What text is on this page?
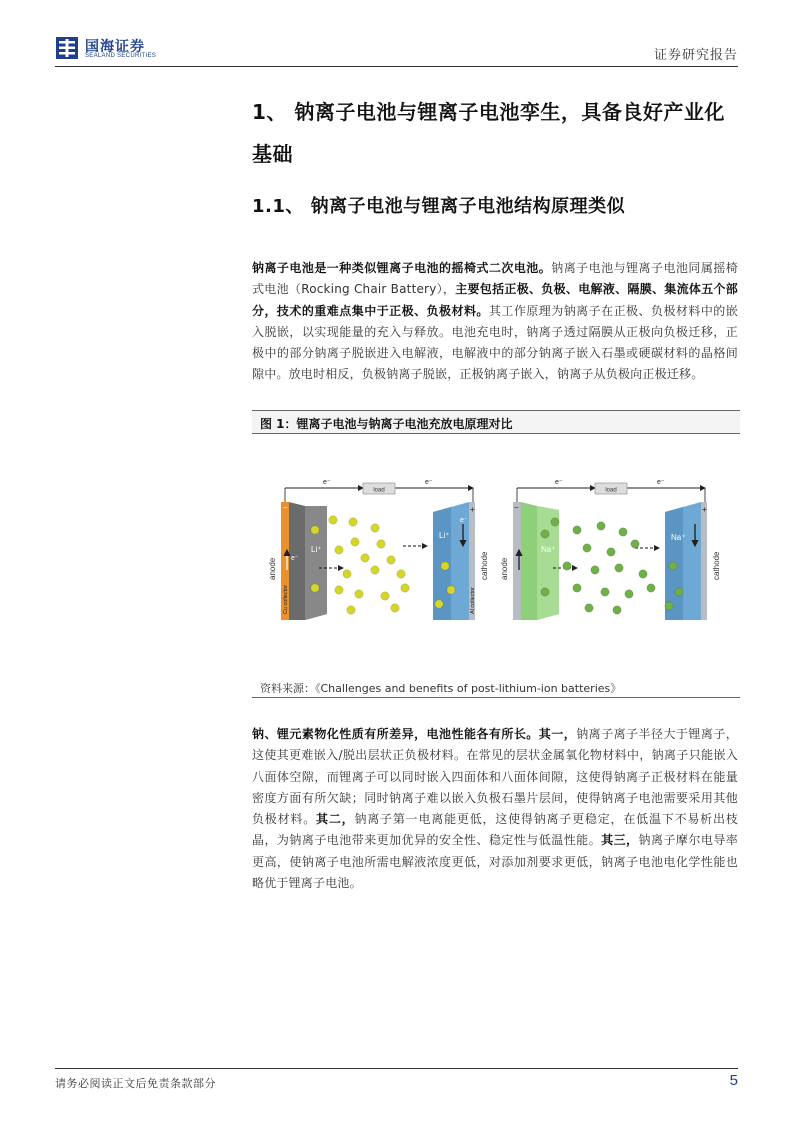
国海证券
SEALAND SECURITIES	证券研究报告
1、 钠离子电池与锂离子电池孪生，具备良好产业化
基础
1.1、 钠离子电池与锂离子电池结构原理类似
钠离子电池是一种类似锂离子电池的摇椅式二次电池。钠离子电池与锂离子电池同属摇椅式电池（Rocking Chair Battery），主要包括正极、负极、电解液、隔膜、集流体五个部分，技术的重难点集中于正极、负极材料。其工作原理为钠离子在正极、负极材料中的嵌入脱嵌，以实现能量的充入与释放。电池充电时，钠离子透过隔膜从正极向负极迁移，正极中的部分钠离子脱嵌进入电解液，电解液中的部分钠离子嵌入石墨或硬碳材料的晶格间隙中。放电时相反，负极钠离子脱嵌，正极钠离子嵌入，钠离子从负极向正极迁移。
图 1：锂离子电池与钠离子电池充放电原理对比
load
e⁻	e⁻
anode	cathode
Cu collector	Al collector
−	+
Li⁺
Li⁺
e⁻
e⁻
load
e⁻	e⁻
anode	cathode
−	+
Na⁺
Na⁺
资料来源：《Challenges and benefits of post-lithium-ion batteries》
钠、锂元素物化性质有所差异，电池性能各有所长。其一，钠离子离子半径大于锂离子，这使其更难嵌入/脱出层状正负极材料。在常见的层状金属氧化物材料中，钠离子只能嵌入八面体空隙，而锂离子可以同时嵌入四面体和八面体间隙，这使得钠离子正极材料在能量密度方面有所欠缺；同时钠离子难以嵌入负极石墨片层间，使得钠离子电池需要采用其他负极材料。其二，钠离子第一电离能更低，这使得钠离子更稳定，在低温下不易析出枝晶，为钠离子电池带来更加优异的安全性、稳定性与低温性能。其三，钠离子摩尔电导率更高，使钠离子电池所需电解液浓度更低，对添加剂要求更低，钠离子电池电化学性能也略优于锂离子电池。
请务必阅读正文后免责条款部分	5
